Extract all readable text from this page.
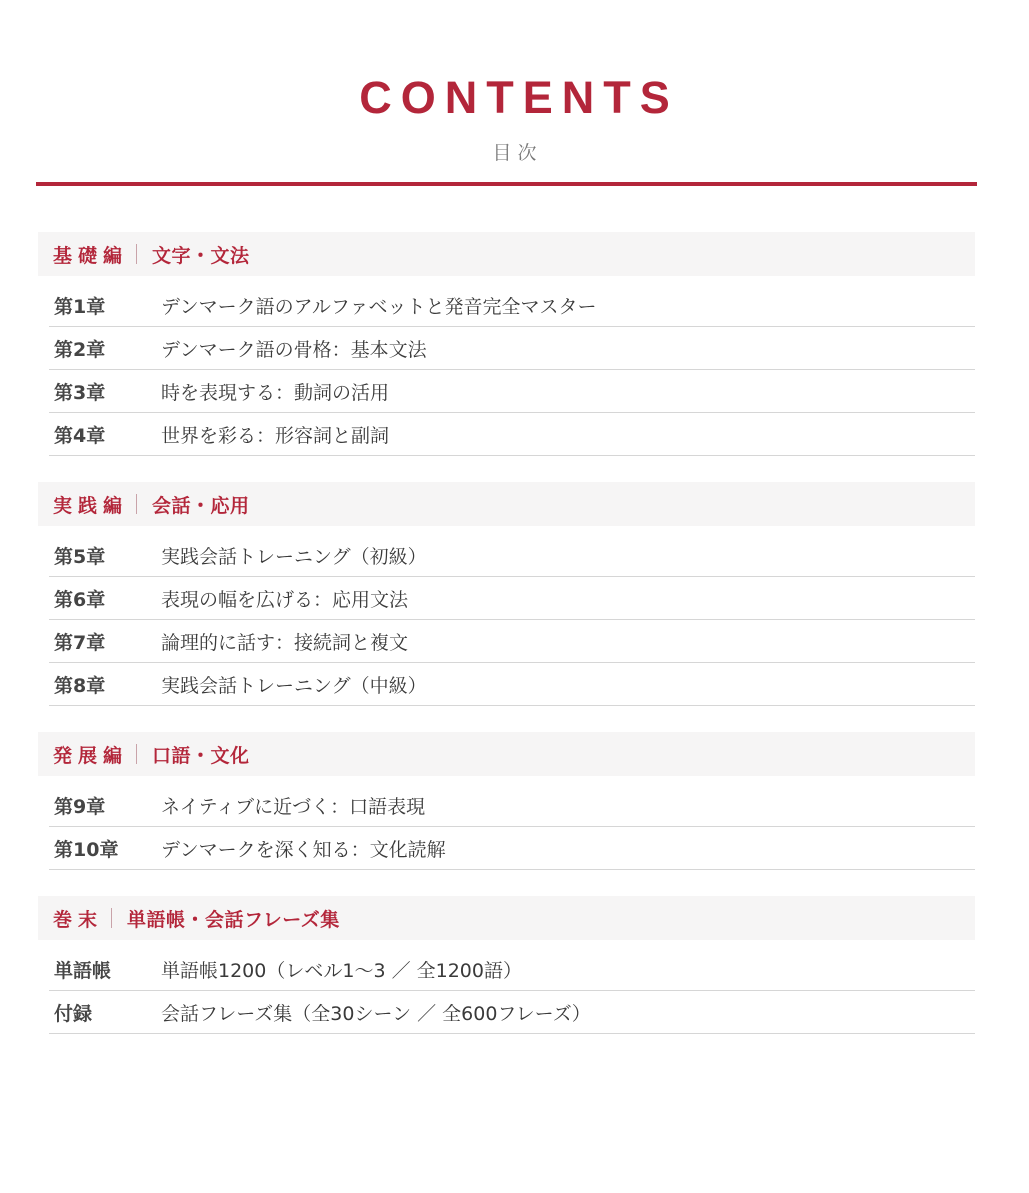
CONTENTS
目次
基礎編 文字・文法
第1章	デンマーク語のアルファベットと発音完全マスター
第2章	デンマーク語の骨格：基本文法
第3章	時を表現する：動詞の活用
第4章	世界を彩る：形容詞と副詞
実践編 会話・応用
第5章	実践会話トレーニング（初級）
第6章	表現の幅を広げる：応用文法
第7章	論理的に話す：接続詞と複文
第8章	実践会話トレーニング（中級）
発展編 口語・文化
第9章	ネイティブに近づく：口語表現
第10章	デンマークを深く知る：文化読解
巻末 単語帳・会話フレーズ集
単語帳	単語帳1200（レベル1〜3 ／ 全1200語）
付録	会話フレーズ集（全30シーン ／ 全600フレーズ）
